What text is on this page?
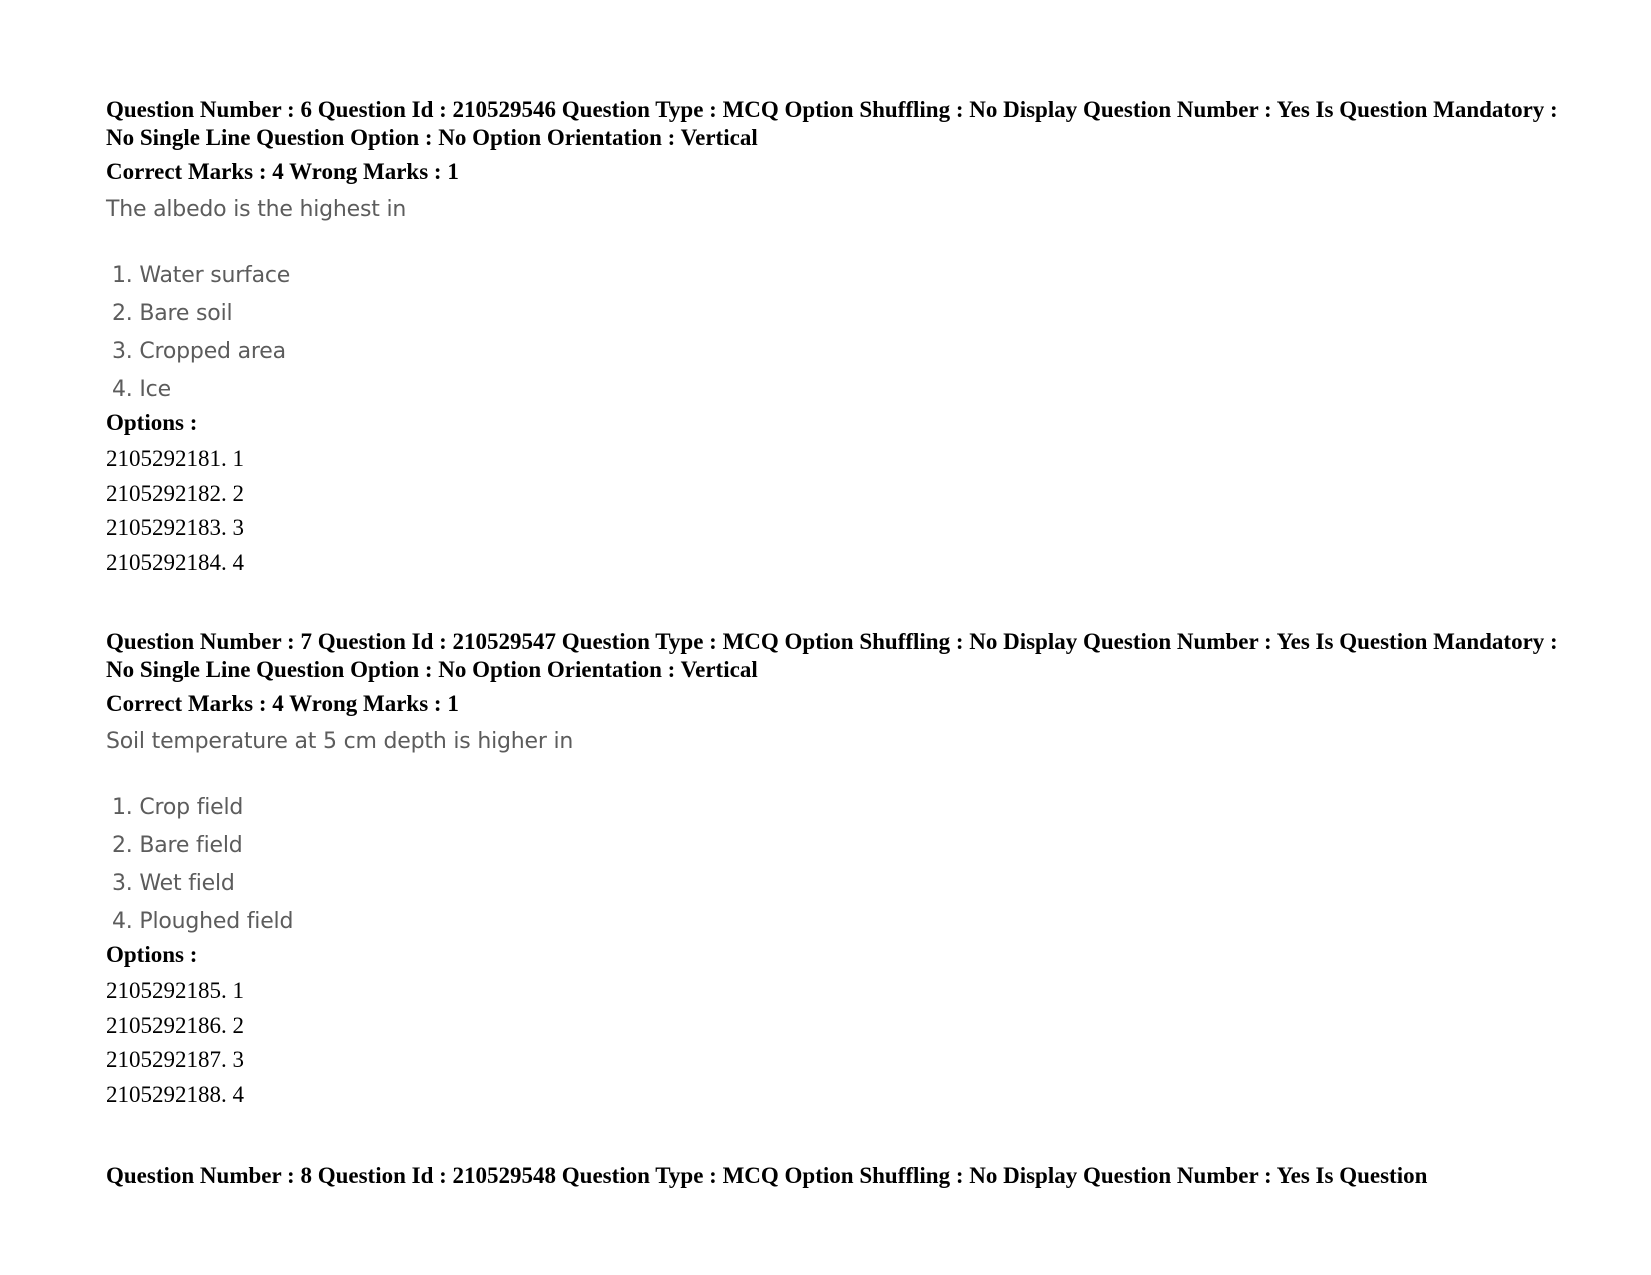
Question Number : 6 Question Id : 210529546 Question Type : MCQ Option Shuffling : No Display Question Number : Yes Is Question Mandatory : No Single Line Question Option : No Option Orientation : Vertical

Correct Marks : 4 Wrong Marks : 1
The albedo is the highest in
1. Water surface
2. Bare soil
3. Cropped area
4. Ice
Options :
2105292181. 1
2105292182. 2
2105292183. 3
2105292184. 4

Question Number : 7 Question Id : 210529547 Question Type : MCQ Option Shuffling : No Display Question Number : Yes Is Question Mandatory : No Single Line Question Option : No Option Orientation : Vertical

Correct Marks : 4 Wrong Marks : 1
Soil temperature at 5 cm depth is higher in
1. Crop field
2. Bare field
3. Wet field
4. Ploughed field
Options :
2105292185. 1
2105292186. 2
2105292187. 3
2105292188. 4

Question Number : 8 Question Id : 210529548 Question Type : MCQ Option Shuffling : No Display Question Number : Yes Is Question
